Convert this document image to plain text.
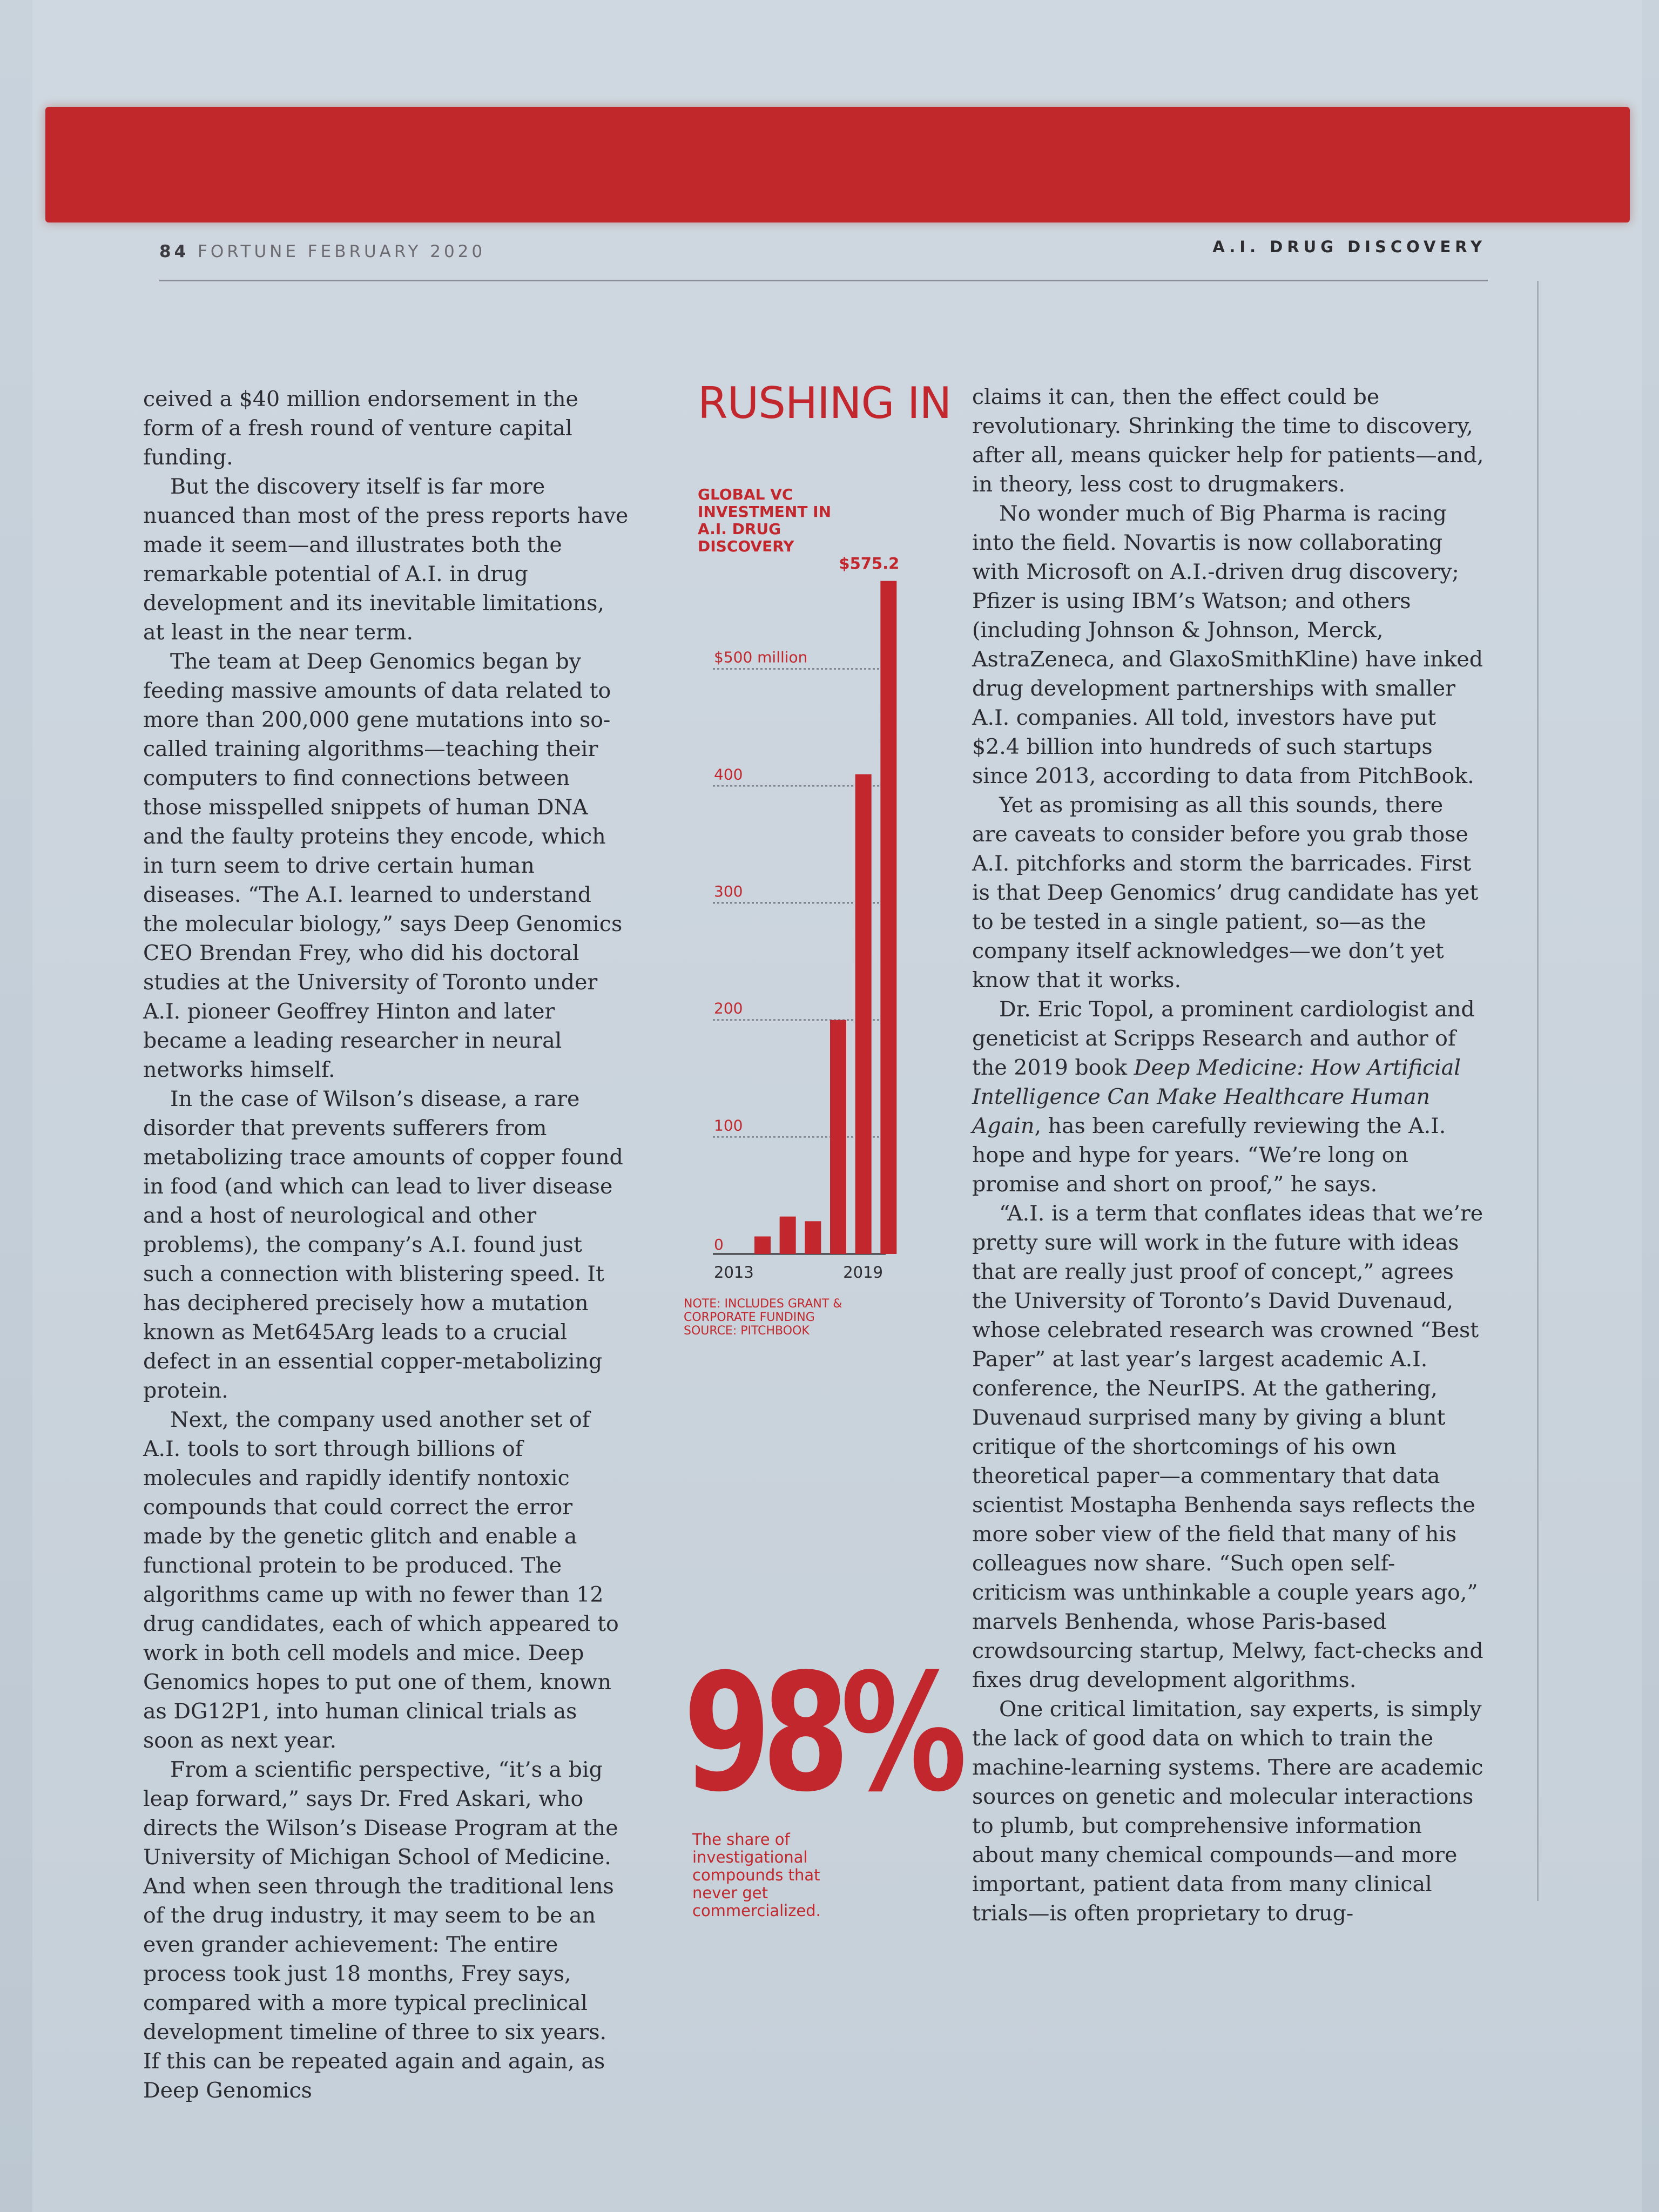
84 FORTUNE FEBRUARY 2020	A.I. DRUG DISCOVERY

ceived a $40 million endorsement in the form of a fresh round of venture capital funding.

But the discovery itself is far more nuanced than most of the press reports have made it seem—and illustrates both the remarkable potential of A.I. in drug development and its inevitable limitations, at least in the near term.

The team at Deep Genomics began by feeding massive amounts of data related to more than 200,000 gene mutations into so-called training algorithms—teaching their computers to find connections between those misspelled snippets of human DNA and the faulty proteins they encode, which in turn seem to drive certain human diseases. “The A.I. learned to understand the molecular biology,” says Deep Genomics CEO Brendan Frey, who did his doctoral studies at the University of Toronto under A.I. pioneer Geoffrey Hinton and later became a leading researcher in neural networks himself.

In the case of Wilson’s disease, a rare disorder that prevents sufferers from metabolizing trace amounts of copper found in food (and which can lead to liver disease and a host of neurological and other problems), the company’s A.I. found just such a connection with blistering speed. It has deciphered precisely how a mutation known as Met645Arg leads to a crucial defect in an essential copper-metabolizing protein.

Next, the company used another set of A.I. tools to sort through billions of molecules and rapidly identify nontoxic compounds that could correct the error made by the genetic glitch and enable a functional protein to be produced. The algorithms came up with no fewer than 12 drug candidates, each of which appeared to work in both cell models and mice. Deep Genomics hopes to put one of them, known as DG12P1, into human clinical trials as soon as next year.

From a scientific perspective, “it’s a big leap forward,” says Dr. Fred Askari, who directs the Wilson’s Disease Program at the University of Michigan School of Medicine. And when seen through the traditional lens of the drug industry, it may seem to be an even grander achievement: The entire process took just 18 months, Frey says, compared with a more typical preclinical development timeline of three to six years. If this can be repeated again and again, as Deep Genomics

claims it can, then the effect could be revolutionary. Shrinking the time to discovery, after all, means quicker help for patients—and, in theory, less cost to drugmakers.

No wonder much of Big Pharma is racing into the field. Novartis is now collaborating with Microsoft on A.I.-driven drug discovery; Pfizer is using IBM’s Watson; and others (including Johnson & Johnson, Merck, AstraZeneca, and GlaxoSmithKline) have inked drug development partnerships with smaller A.I. companies. All told, investors have put $2.4 billion into hundreds of such startups since 2013, according to data from PitchBook.

Yet as promising as all this sounds, there are caveats to consider before you grab those A.I. pitchforks and storm the barricades. First is that Deep Genomics’ drug candidate has yet to be tested in a single patient, so—as the company itself acknowledges—we don’t yet know that it works.

Dr. Eric Topol, a prominent cardiologist and geneticist at Scripps Research and author of the 2019 book Deep Medicine: How Artificial Intelligence Can Make Healthcare Human Again, has been carefully reviewing the A.I. hope and hype for years. “We’re long on promise and short on proof,” he says.

“A.I. is a term that conflates ideas that we’re pretty sure will work in the future with ideas that are really just proof of concept,” agrees the University of Toronto’s David Duvenaud, whose celebrated research was crowned “Best Paper” at last year’s largest academic A.I. conference, the NeurIPS. At the gathering, Duvenaud surprised many by giving a blunt critique of the shortcomings of his own theoretical paper—a commentary that data scientist Mostapha Benhenda says reflects the more sober view of the field that many of his colleagues now share. “Such open self-criticism was unthinkable a couple years ago,” marvels Benhenda, whose Paris-based crowdsourcing startup, Melwy, fact-checks and fixes drug development algorithms.

One critical limitation, say experts, is simply the lack of good data on which to train the machine-learning systems. There are academic sources on genetic and molecular interactions to plumb, but comprehensive information about many chemical compounds—and more important, patient data from many clinical trials—is often proprietary to drug-

RUSHING IN
GLOBAL VC INVESTMENT IN A.I. DRUG DISCOVERY
0
100
200
300
400
$500 million
$575.2
2013	2019
NOTE: INCLUDES GRANT & CORPORATE FUNDING
SOURCE: PITCHBOOK
98%
The share of investigational compounds that never get commercialized.
